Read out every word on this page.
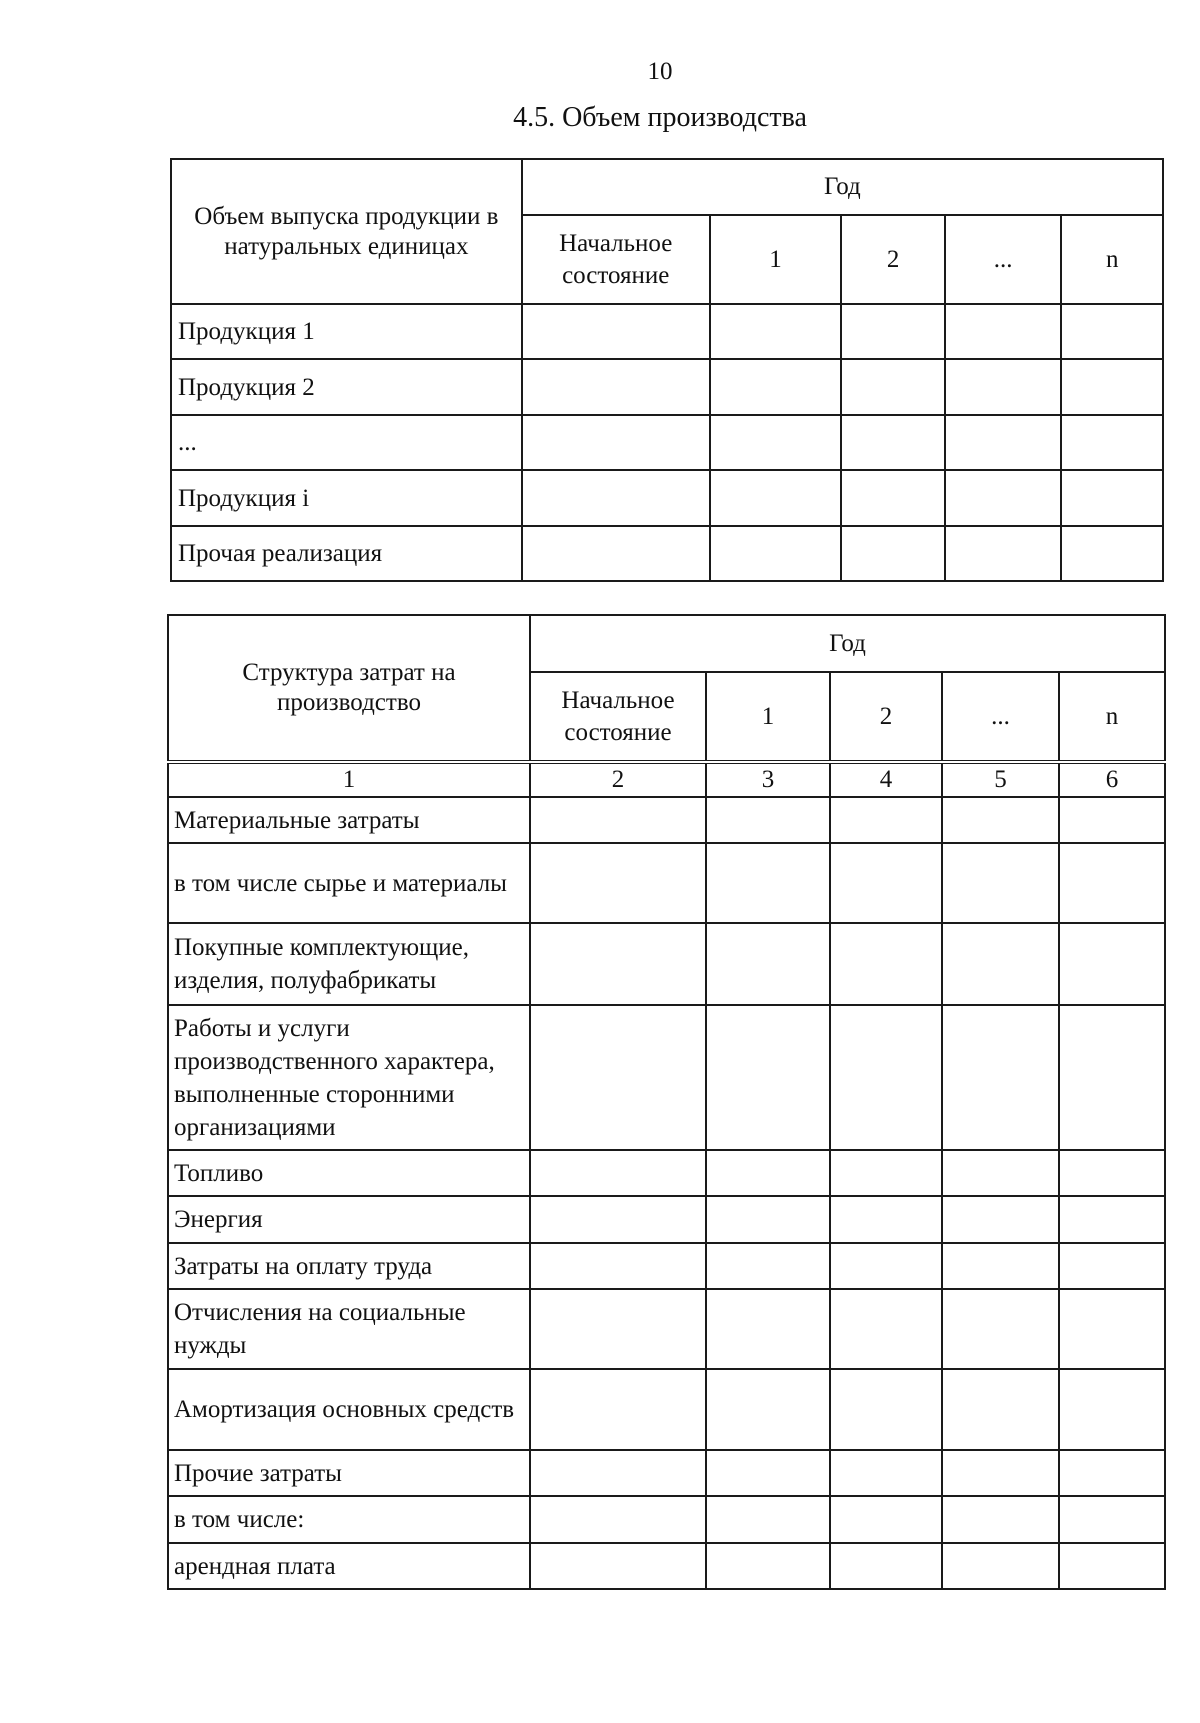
10
4.5. Объем производства
Объем выпуска продукции в натуральных единицах	Год				
	Начальное состояние	1	2	...	n
Продукция 1					
Продукция 2					
...					
Продукция i					
Прочая реализация					
Структура затрат на производство	Год				
	Начальное состояние	1	2	...	n
1	2	3	4	5	6
Материальные затраты					
в том числе сырье и материалы					
Покупные комплектующие, изделия, полуфабрикаты					
Работы и услуги производственного характера, выполненные сторонними организациями					
Топливо					
Энергия					
Затраты на оплату труда					
Отчисления на социальные нужды					
Амортизация основных средств					
Прочие затраты					
в том числе:					
арендная плата					
